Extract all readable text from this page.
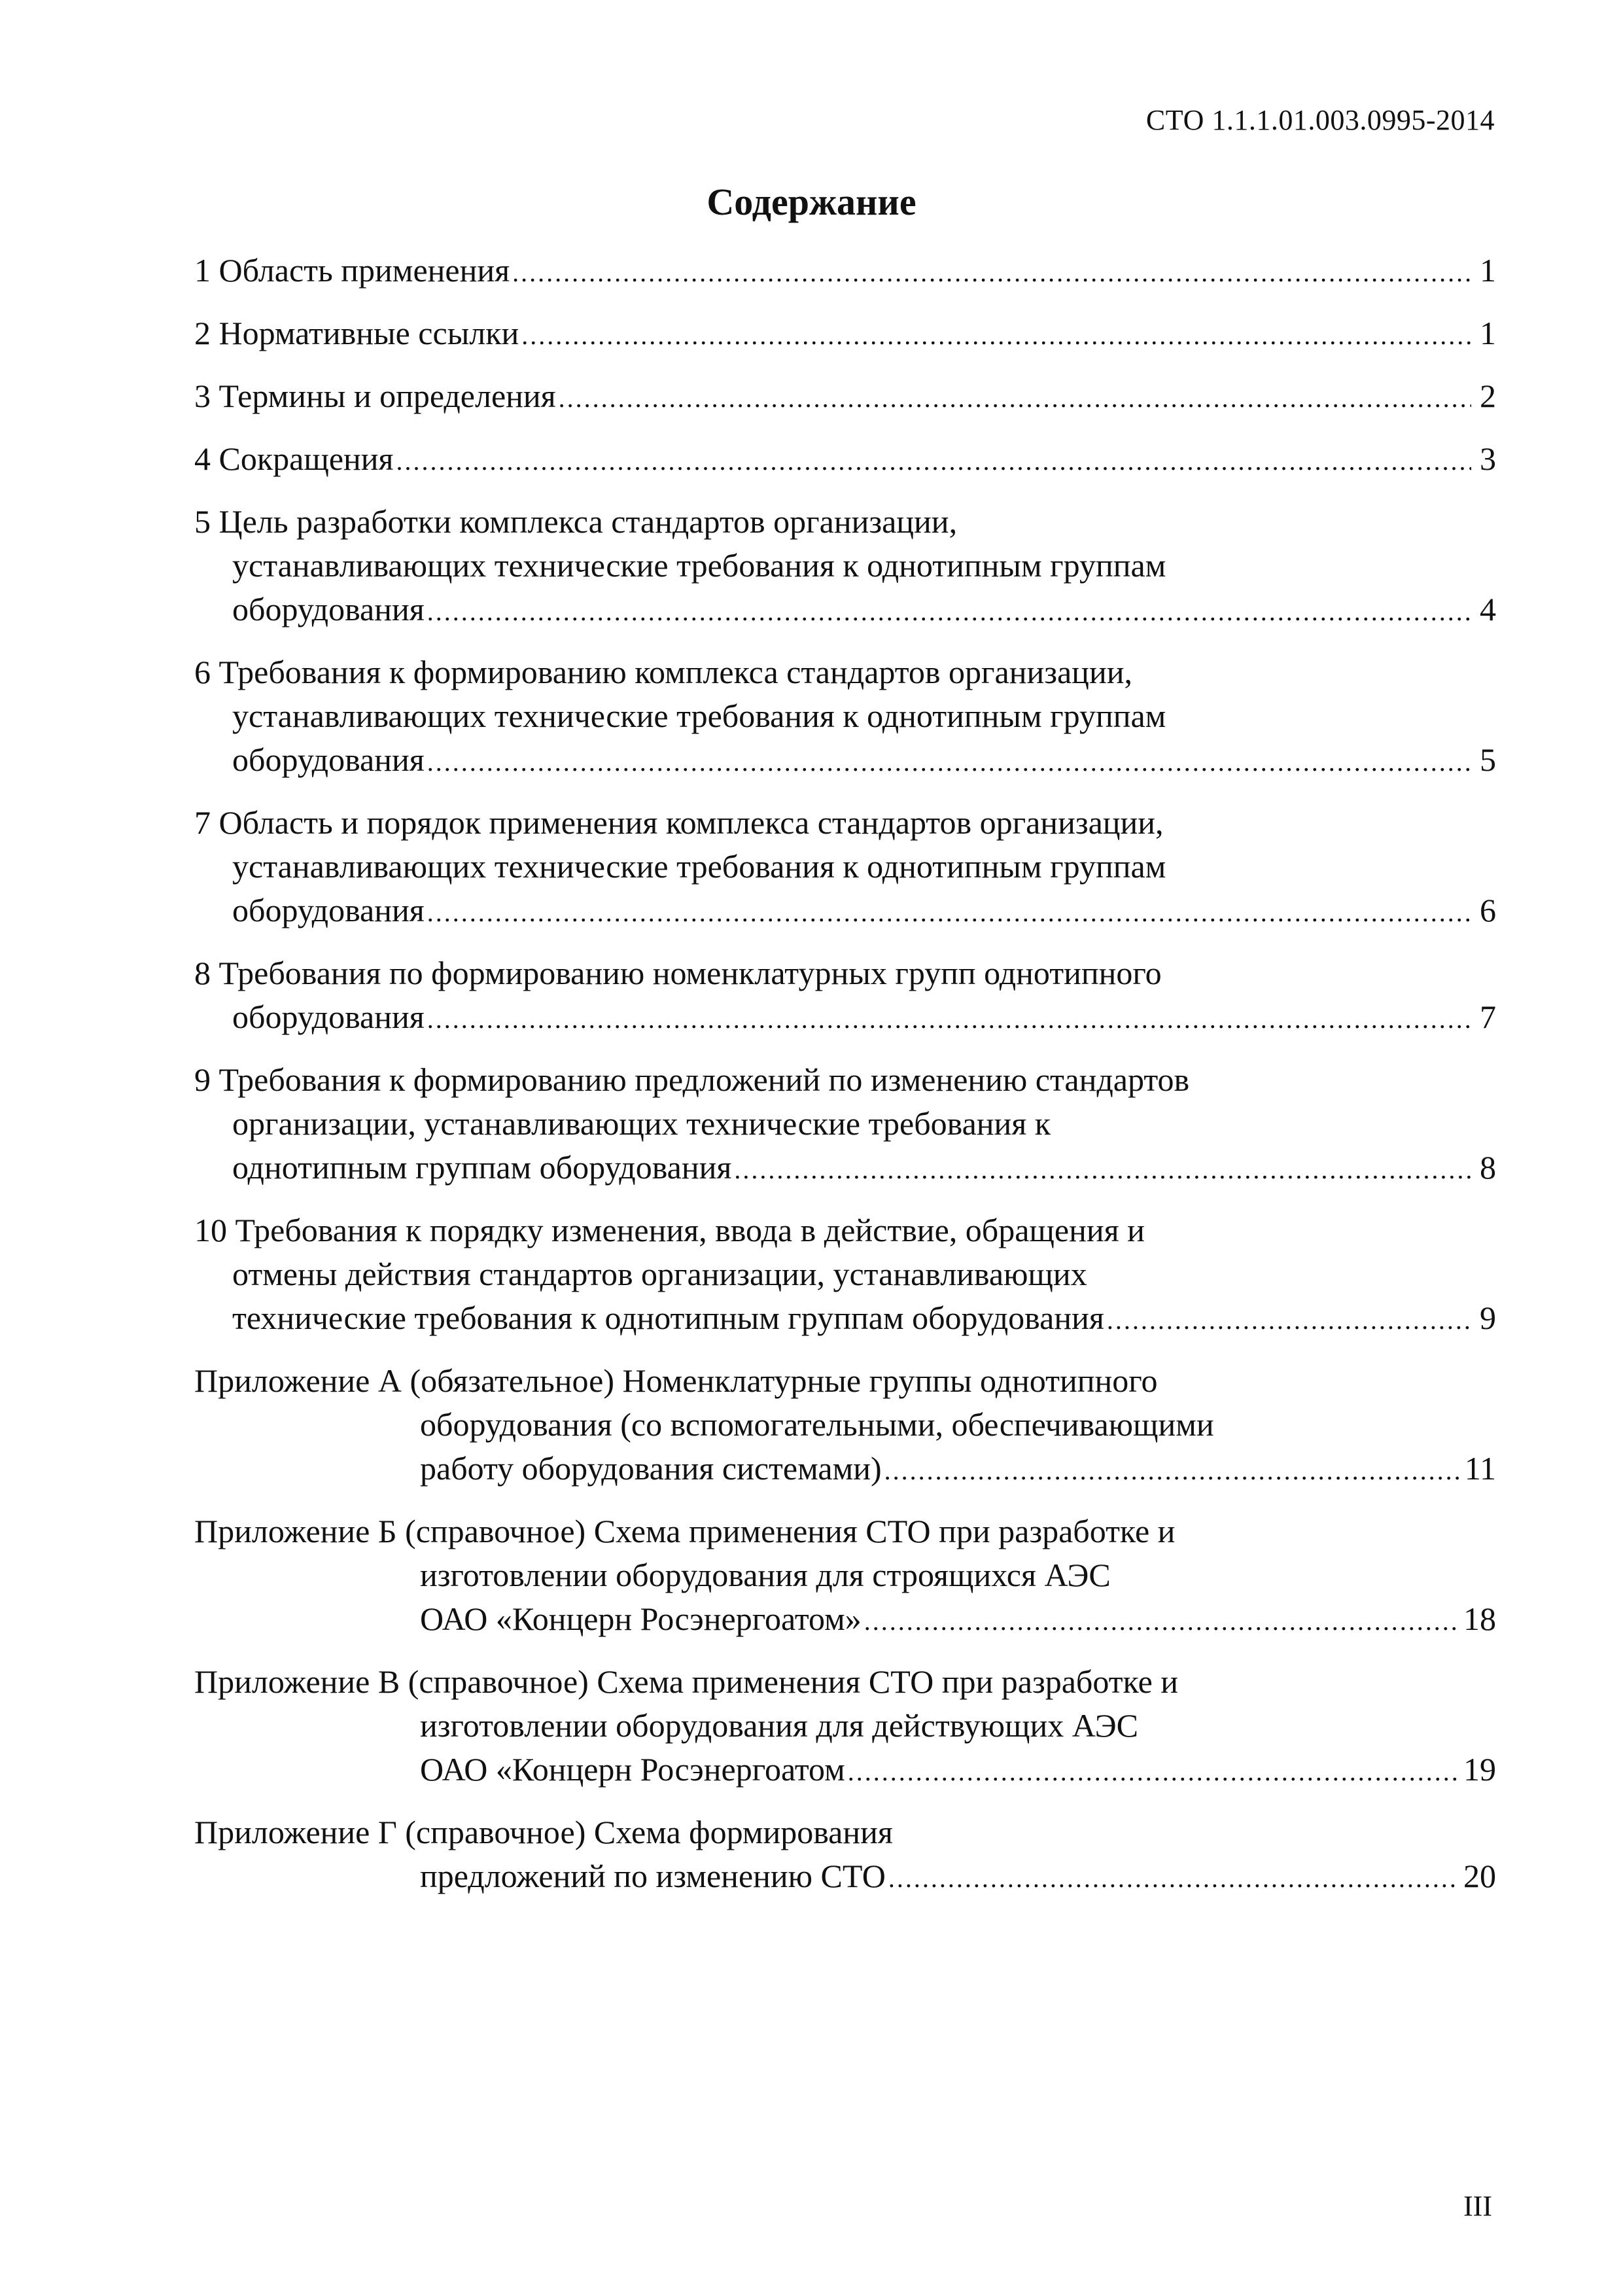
СТО 1.1.1.01.003.0995-2014
Содержание
1 Область применения .....	1
2 Нормативные ссылки .....	1
3 Термины и определения .....	2
4 Сокращения .....	3
5 Цель разработки комплекса стандартов организации,
устанавливающих технические требования к однотипным группам
оборудования .....	4
6 Требования к формированию комплекса стандартов организации,
устанавливающих технические требования к однотипным группам
оборудования .....	5
7 Область и порядок применения комплекса стандартов организации,
устанавливающих технические требования к однотипным группам
оборудования .....	6
8 Требования по формированию номенклатурных групп однотипного
оборудования .....	7
9 Требования к формированию предложений по изменению стандартов
организации, устанавливающих технические требования к
однотипным группам оборудования .....	8
10 Требования к порядку изменения, ввода в действие, обращения и
отмены действия стандартов организации, устанавливающих
технические требования к однотипным группам оборудования .....	9
Приложение А (обязательное) Номенклатурные группы однотипного
оборудования (со вспомогательными, обеспечивающими
работу оборудования системами) .....	11
Приложение Б (справочное) Схема применения СТО при разработке и
изготовлении оборудования для строящихся АЭС
ОАО «Концерн Росэнергоатом» .....	18
Приложение В (справочное) Схема применения СТО при разработке и
изготовлении оборудования для действующих АЭС
ОАО «Концерн Росэнергоатом .....	19
Приложение Г (справочное) Схема формирования
предложений по изменению СТО .....	20
III
